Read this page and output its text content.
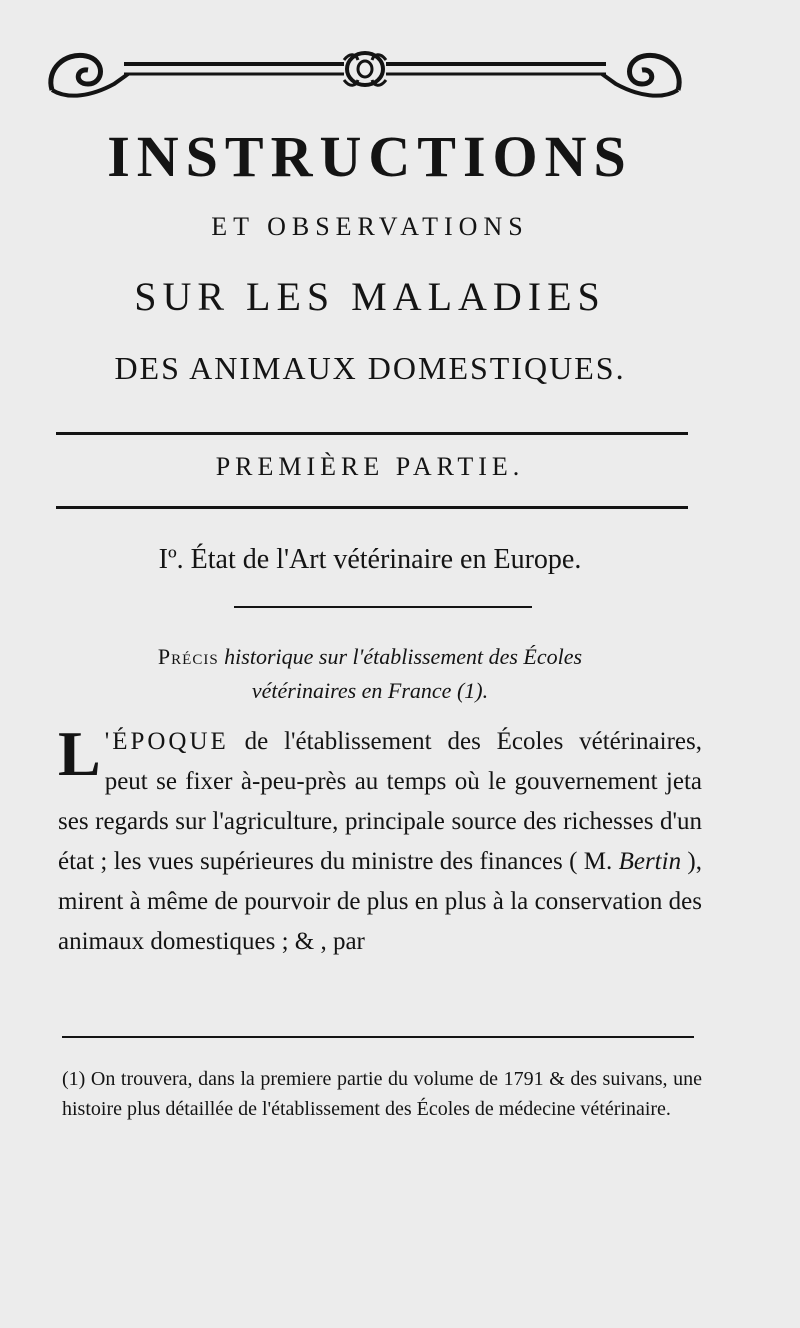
INSTRUCTIONS
ET OBSERVATIONS
SUR LES MALADIES
DES ANIMAUX DOMESTIQUES.
PREMIÈRE PARTIE.
Iº. État de l'Art vétérinaire en Europe.
Précis historique sur l'établissement des Écoles
vétérinaires en France (1).
L 'ÉPOQUE de l'établissement des Écoles vétérinaires, peut se fixer à-peu-près au temps où le gouvernement jeta ses regards sur l'agriculture, principale source des richesses d'un état ; les vues supérieures du ministre des finances ( M. Bertin ), mirent à même de pourvoir de plus en plus à la conservation des animaux domestiques ; & , par
(1) On trouvera, dans la premiere partie du volume de 1791 & des suivans, une histoire plus détaillée de l'établissement des Écoles de médecine vétérinaire.
